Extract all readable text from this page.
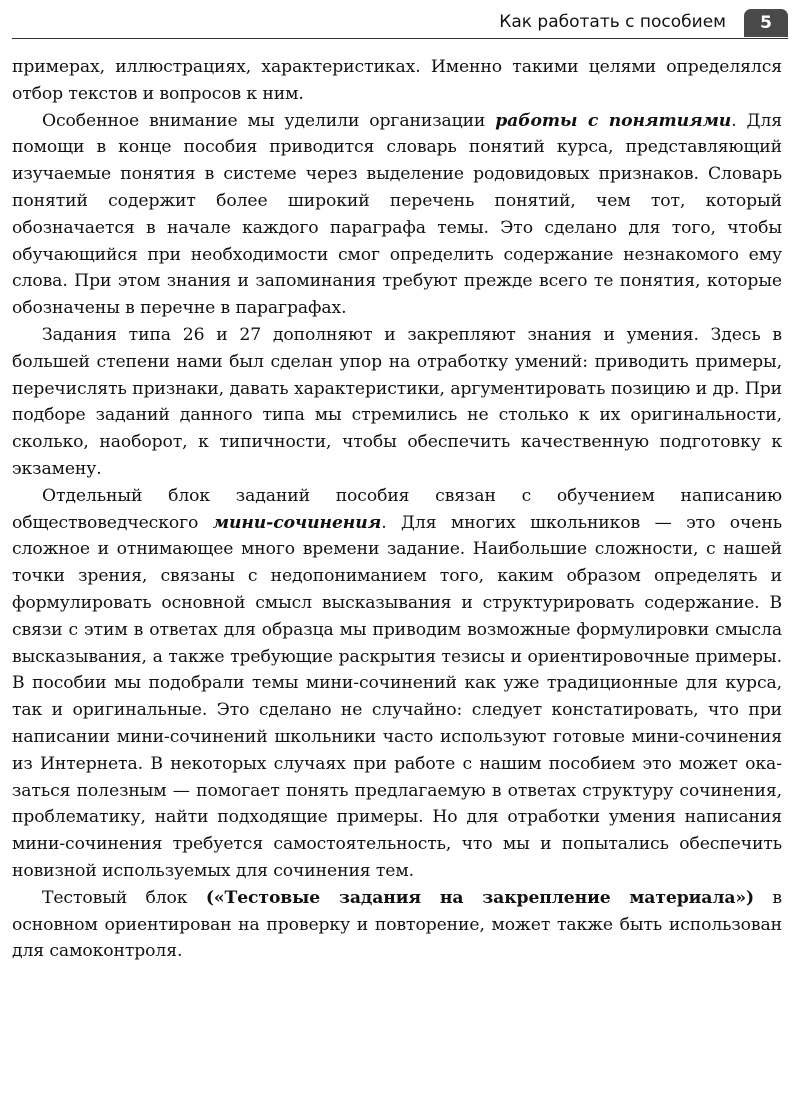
Как работать с пособием	5

примерах, иллюстрациях, характеристиках. Именно такими целями определялся отбор текстов и вопросов к ним.

Особенное внимание мы уделили организации работы с понятиями. Для помощи в конце пособия приводится словарь понятий курса, представляющий изучаемые понятия в системе через выделение родовидовых признаков. Словарь понятий содержит более широкий перечень понятий, чем тот, который обозначается в начале каждого параграфа темы. Это сделано для того, чтобы обучающийся при необходимости смог определить содержание незнакомого ему слова. При этом знания и запоминания требуют прежде всего те понятия, которые обозначены в перечне в параграфах.

Задания типа 26 и 27 дополняют и закрепляют знания и умения. Здесь в большей степени нами был сделан упор на отработку умений: приводить примеры, перечислять признаки, давать характеристики, аргументировать позицию и др. При подборе заданий данного типа мы стремились не столько к их оригинальности, сколько, наоборот, к типичности, чтобы обеспечить качественную подготовку к экзамену.

Отдельный блок заданий пособия связан с обучением написанию обществоведческого мини-сочинения. Для многих школьников — это очень сложное и отнимающее много времени задание. Наибольшие сложности, с нашей точки зрения, связаны с недопониманием того, каким образом определять и формулировать основной смысл высказывания и структурировать содержание. В связи с этим в ответах для образца мы приводим возможные формулировки смысла высказывания, а также требующие раскрытия тезисы и ориентировочные примеры. В пособии мы подобрали темы мини-сочинений как уже традиционные для курса, так и оригинальные. Это сделано не случайно: следует констатировать, что при написании мини-сочинений школьники часто используют готовые мини-сочинения из Интернета. В некоторых случаях при работе с нашим пособием это может оказаться полезным — помогает понять предлагаемую в ответах структуру сочинения, проблематику, найти подходящие примеры. Но для отработки умения написания мини-сочинения требуется самостоятельность, что мы и попытались обеспечить новизной используемых для сочинения тем.

Тестовый блок («Тестовые задания на закрепление материала») в основном ориентирован на проверку и повторение, может также быть использован для самоконтроля.
